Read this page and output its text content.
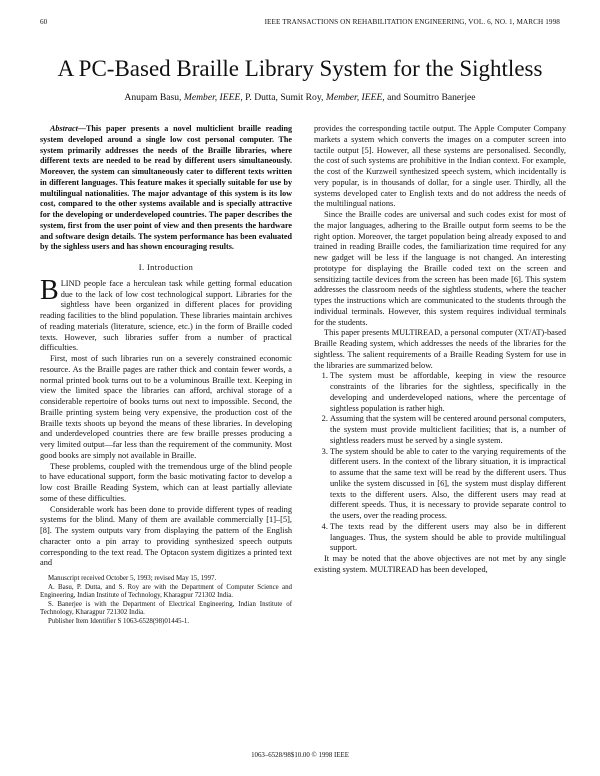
60	IEEE TRANSACTIONS ON REHABILITATION ENGINEERING, VOL. 6, NO. 1, MARCH 1998
A PC-Based Braille Library System for the Sightless
Anupam Basu, Member, IEEE, P. Dutta, Sumit Roy, Member, IEEE, and Soumitro Banerjee

Abstract—This paper presents a novel multiclient braille reading system developed around a single low cost personal computer. The system primarily addresses the needs of the Braille libraries, where different texts are needed to be read by different users simultaneously. Moreover, the system can simultaneously cater to different texts written in different languages. This feature makes it specially suitable for use by multilingual nationalities. The major advantage of this system is its low cost, compared to the other systems available and is specially attractive for the developing or underdeveloped countries. The paper describes the system, first from the user point of view and then presents the hardware and software design details. The system performance has been evaluated by the sighless users and has shown encouraging results.

I. Introduction

BLIND people face a herculean task while getting formal education due to the lack of low cost technological support. Libraries for the sightless have been organized in different places for providing reading facilities to the blind population. These libraries maintain archives of reading materials (literature, science, etc.) in the form of Braille coded texts. However, such libraries suffer from a number of practical difficulties.

First, most of such libraries run on a severely constrained economic resource. As the Braille pages are rather thick and contain fewer words, a normal printed book turns out to be a voluminous Braille text. Keeping in view the limited space the libraries can afford, archival storage of a considerable repertoire of books turns out next to impossible. Second, the Braille printing system being very expensive, the production cost of the Braille texts shoots up beyond the means of these libraries. In developing and underdeveloped countries there are few braille presses producing a very limited output—far less than the requirement of the community. Most good books are simply not available in Braille.

These problems, coupled with the tremendous urge of the blind people to have educational support, form the basic motivating factor to develop a low cost Braille Reading System, which can at least partially alleviate some of these difficulties.

Considerable work has been done to provide different types of reading systems for the blind. Many of them are available commercially [1]–[5], [8]. The system outputs vary from displaying the pattern of the English character onto a pin array to providing synthesized speech outputs corresponding to the text read. The Optacon system digitizes a printed text and

Manuscript received October 5, 1993; revised May 15, 1997.

A. Basu, P. Dutta, and S. Roy are with the Department of Computer Science and Engineering, Indian Institute of Technology, Kharagpur 721302 India.

S. Banerjee is with the Department of Electrical Engineering, Indian Institute of Technology, Kharagpur 721302 India.

Publisher Item Identifier S 1063-6528(98)01445-1.

provides the corresponding tactile output. The Apple Computer Company markets a system which converts the images on a computer screen into tactile output [5]. However, all these systems are personalised. Secondly, the cost of such systems are prohibitive in the Indian context. For example, the cost of the Kurzweil synthesized speech system, which incidentally is very popular, is in thousands of dollar, for a single user. Thirdly, all the systems developed cater to English texts and do not address the needs of the multilingual nations.

Since the Braille codes are universal and such codes exist for most of the major languages, adhering to the Braille output form seems to be the right option. Moreover, the target population being already exposed to and trained in reading Braille codes, the familiarization time required for any new gadget will be less if the language is not changed. An interesting prototype for displaying the Braille coded text on the screen and sensitizing tactile devices from the screen has been made [6]. This system addresses the classroom needs of the sightless students, where the teacher types the instructions which are communicated to the students through the individual terminals. However, this system requires individual terminals for the students.

This paper presents MULTIREAD, a personal computer (XT/AT)-based Braille Reading system, which addresses the needs of the libraries for the sightless. The salient requirements of a Braille Reading System for use in the libraries are summarized below.

1. The system must be affordable, keeping in view the resource constraints of the libraries for the sightless, specifically in the developing and underdeveloped nations, where the percentage of sightless population is rather high.
2. Assuming that the system will be centered around personal computers, the system must provide multiclient facilities; that is, a number of sightless readers must be served by a single system.
3. The system should be able to cater to the varying requirements of the different users. In the context of the library situation, it is impractical to assume that the same text will be read by the different users. Thus unlike the system discussed in [6], the system must display different texts to the different users. Also, the different users may read at different speeds. Thus, it is necessary to provide separate control to the users, over the reading process.
4. The texts read by the different users may also be in different languages. Thus, the system should be able to provide multilingual support.

It may be noted that the above objectives are not met by any single existing system. MULTIREAD has been developed,

1063–6528/98$10.00 © 1998 IEEE
